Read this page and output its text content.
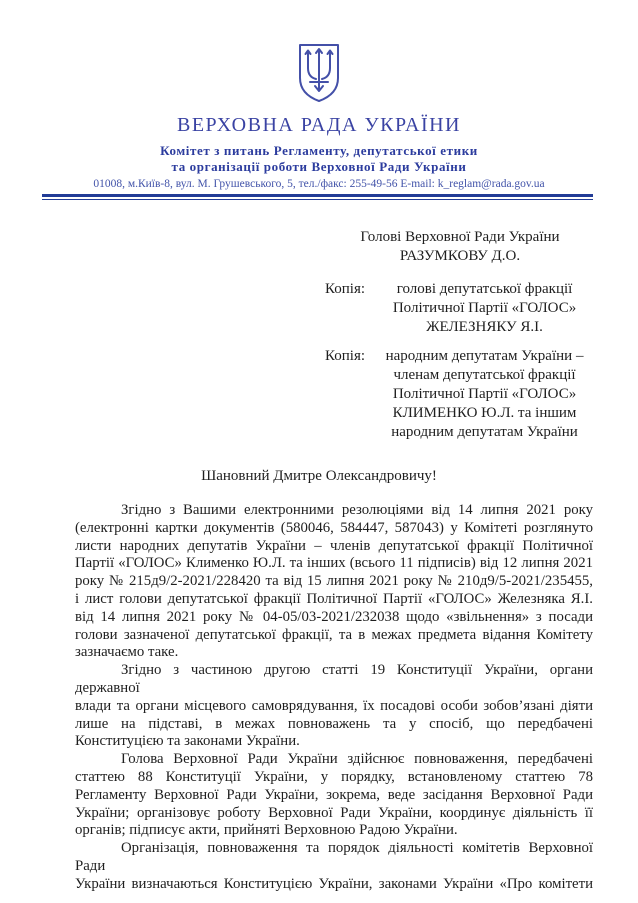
ВЕРХОВНА РАДА УКРАЇНИ
Комітет з питань Регламенту, депутатської етики
та організації роботи Верховної Ради України
01008, м.Київ-8, вул. М. Грушевського, 5, тел./факс: 255-49-56 E-mail: k_reglam@rada.gov.ua
Голові Верховної Ради України
РАЗУМКОВУ Д.О.
Копія:	голові депутатської фракції
Політичної Партії «ГОЛОС»
ЖЕЛЕЗНЯКУ Я.І.
Копія:	народним депутатам України –
членам депутатської фракції
Політичної Партії «ГОЛОС»
КЛИМЕНКО Ю.Л. та іншим
народним депутатам України
Шановний Дмитре Олександровичу!
Згідно з Вашими електронними резолюціями від 14 липня 2021 року
(електронні картки документів (580046, 584447, 587043) у Комітеті розглянуто
листи народних депутатів України – членів депутатської фракції Політичної
Партії «ГОЛОС» Клименко Ю.Л. та інших (всього 11 підписів) від 12 липня 2021
року № 215д9/2-2021/228420 та від 15 липня 2021 року № 210д9/5-2021/235455,
і лист голови депутатської фракції Політичної Партії «ГОЛОС» Железняка Я.І.
від 14 липня 2021 року № 04-05/03-2021/232038 щодо «звільнення» з посади
голови зазначеної депутатської фракції, та в межах предмета відання Комітету
зазначаємо таке.
Згідно з частиною другою статті 19 Конституції України, органи державної
влади та органи місцевого самоврядування, їх посадові особи зобов’язані діяти
лише на підставі, в межах повноважень та у спосіб, що передбачені
Конституцією та законами України.
Голова Верховної Ради України здійснює повноваження, передбачені
статтею 88 Конституції України, у порядку, встановленому статтею 78
Регламенту Верховної Ради України, зокрема, веде засідання Верховної Ради
України; організовує роботу Верховної Ради України, координує діяльність її
органів; підписує акти, прийняті Верховною Радою України.
Організація, повноваження та порядок діяльності комітетів Верховної Ради
України визначаються Конституцією України, законами України «Про комітети
